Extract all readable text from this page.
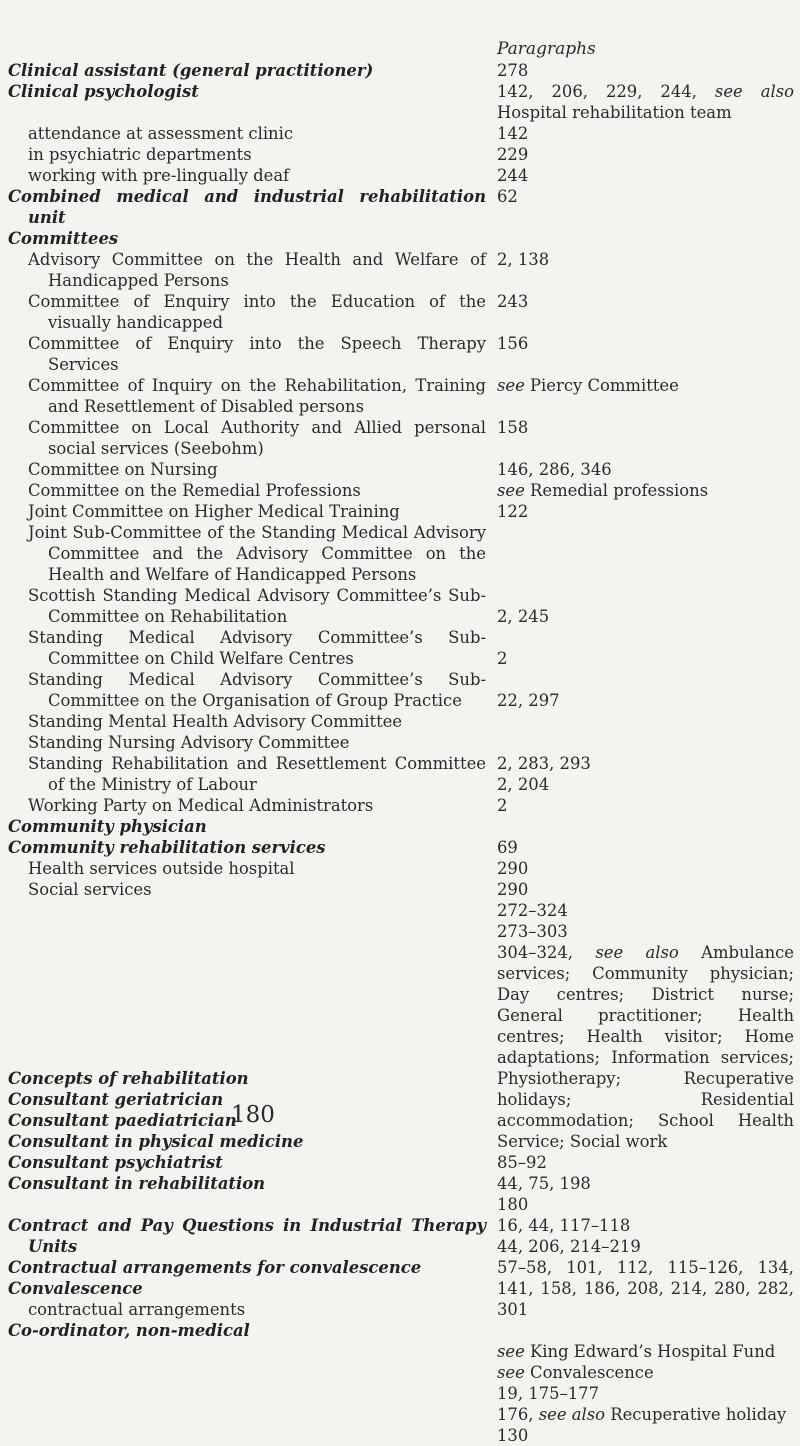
Clinical assistant (general practitioner)
Clinical psychologist
attendance at assessment clinic
in psychiatric departments
working with pre-lingually deaf
Combined medical and industrial rehabilitation unit
Committees
Advisory Committee on the Health and Welfare of Handicapped Persons
Committee of Enquiry into the Education of the visually handicapped
Committee of Enquiry into the Speech Therapy Services
Committee of Inquiry on the Rehabilitation, Training and Resettlement of Disabled persons
Committee on Local Authority and Allied personal social services (Seebohm)
Committee on Nursing
Committee on the Remedial Professions
Joint Committee on Higher Medical Training
Joint Sub-Committee of the Standing Medical Advisory Committee and the Advisory Committee on the Health and Welfare of Handicapped Persons
Scottish Standing Medical Advisory Committee’s Sub-Committee on Rehabilitation
Standing Medical Advisory Committee’s Sub-Committee on Child Welfare Centres
Standing Medical Advisory Committee’s Sub-Committee on the Organisation of Group Practice
Standing Mental Health Advisory Committee
Standing Nursing Advisory Committee
Standing Rehabilitation and Resettlement Committee of the Ministry of Labour
Working Party on Medical Administrators
Community physician
Community rehabilitation services
Health services outside hospital
Social services
Concepts of rehabilitation
Consultant geriatrician
Consultant paediatrician
Consultant in physical medicine
Consultant psychiatrist
Consultant in rehabilitation
Contract and Pay Questions in Industrial Therapy Units
Contractual arrangements for convalescence
Convalescence
contractual arrangements
Co-ordinator, non-medical
Paragraphs
278
142, 206, 229, 244, see also Hospital rehabilitation team
142
229
244
62
2, 138
243
156
see Piercy Committee
158
146, 286, 346
see Remedial professions
122
2, 245
2
22, 297
2, 283, 293
2, 204
2
69
290
290
272–324
273–303
304–324, see also Ambulance services; Community physician; Day centres; District nurse; General practitioner; Health centres; Health visitor; Home adaptations; Information services; Physiotherapy; Recuperative holidays; Residential accommodation; School Health Service; Social work
85–92
44, 75, 198
180
16, 44, 117–118
44, 206, 214–219
57–58, 101, 112, 115–126, 134, 141, 158, 186, 208, 214, 280, 282, 301
see King Edward’s Hospital Fund
see Convalescence
19, 175–177
176, see also Recuperative holiday
130
180
